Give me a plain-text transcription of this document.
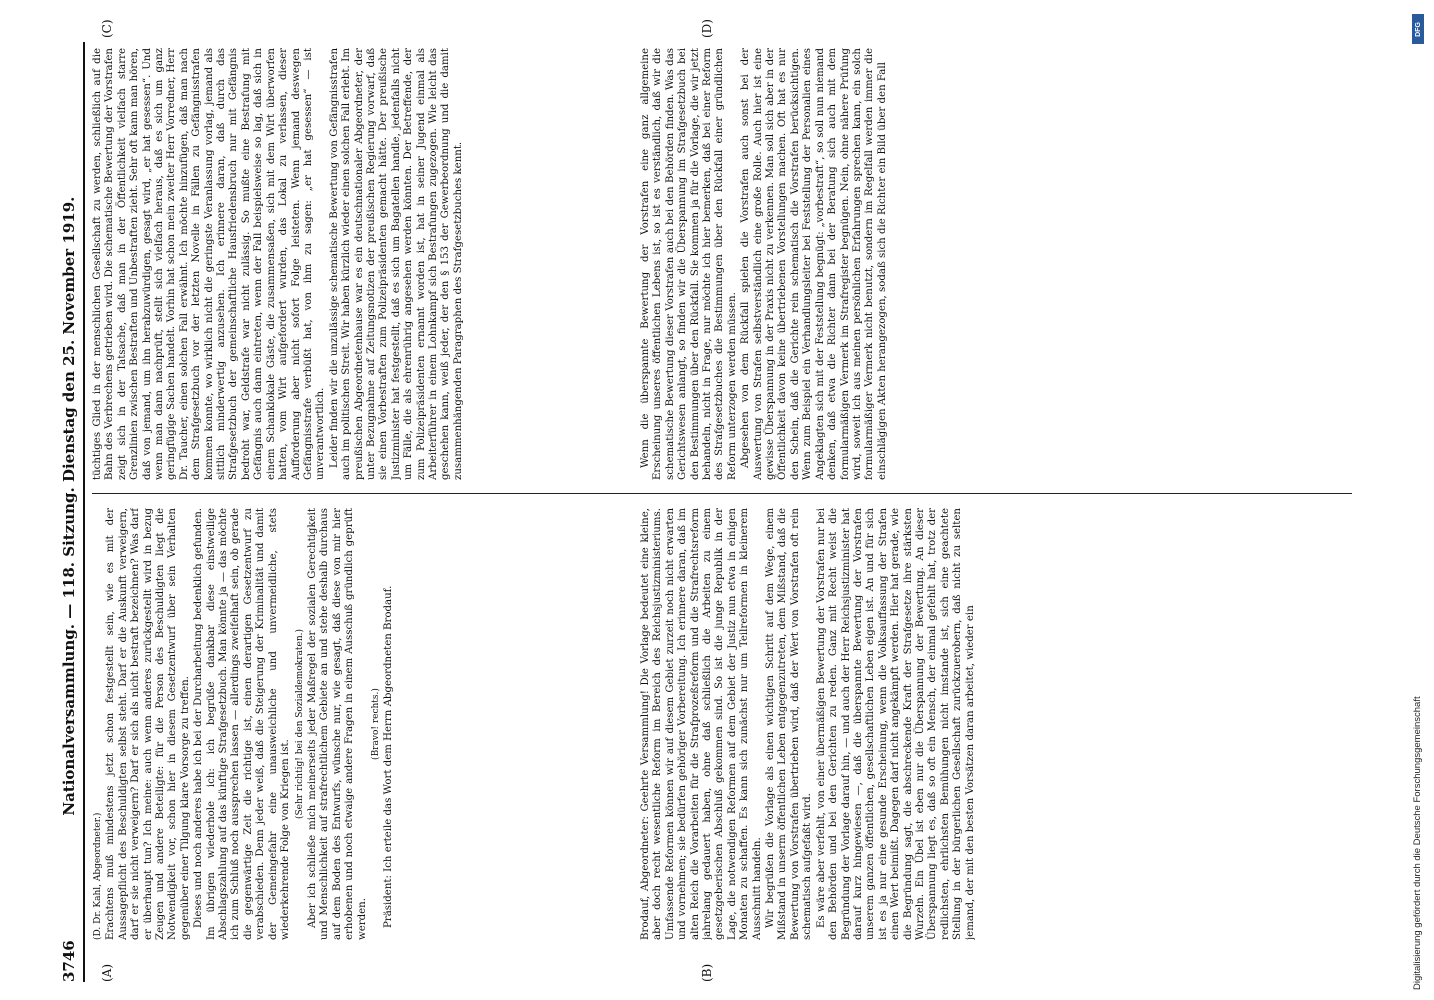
3746
Nationalversammlung. — 118. Sitzung. Dienstag den 25. November 1919.
(A)	(B)
(C)	(D)

(D. Dr. Kahl, Abgeordneter.) Erachtens muß mindestens jetzt schon festgestellt sein, wie es mit der Aussagepflicht des Beschuldigten selbst steht. Darf er die Auskunft verweigern, darf er sie nicht verweigern? Darf er sich als nicht bestraft bezeichnen? Was darf er überhaupt tun? Ich meine: auch wenn anderes zurückgestellt wird in bezug Zeugen und andere Beteiligte: für die Person des Beschuldigten liegt die Notwendigkeit vor, schon hier in diesem Gesetzentwurf über sein Verhalten gegenüber einer Tilgung klare Vorsorge zu treffen. Dieses und noch anderes habe ich bei der Durcharbeitung bedenklich gefunden. Im übrigen wiederhole ich: ich begrüße dankbar diese einstweilige Abschlagszahlung auf das künftige Strafgesetzbuch. Man könnte ja — das möchte ich zum Schluß noch aussprechen lassen — allerdings zweifelhaft sein, ob gerade die gegenwärtige Zeit die richtige ist, einen derartigen Gesetzentwurf zu verabschieden. Denn jeder weiß, daß die Steigerung der Kriminalität und damit der Gemeingefahr eine unausweichliche und unvermeidliche, stets wiederkehrende Folge von Kriegen ist.

(Sehr richtig! bei den Sozialdemokraten.) Aber ich schließe mich meinerseits jeder Maßregel der sozialen Gerechtigkeit und Menschlichkeit auf strafrechtlichem Gebiete an und stehe deshalb durchaus auf dem Boden des Entwurfs, wünsche nur, wie gesagt, daß diese von mir hier erhobenen und noch etwaige andere Fragen in einem Ausschuß gründlich geprüft werden.

(Bravo! rechts.) Präsident: Ich erteile das Wort dem Herrn Abgeordneten Brodauf.

tüchtiges Glied in der menschlichen Gesellschaft zu werden, schließlich auf die Bahn des Verbrechens getrieben wird. Die schematische Bewertung der Vorstrafen zeigt sich in der Tatsache, daß man in der Öffentlichkeit vielfach starre Grenzlinien zwischen Bestraften und Unbestraften zieht. Sehr oft kann man hören, daß von jemand, um ihn herabzuwürdigen, gesagt wird, „er hat gesessen“. Und wenn man dann nachprüft, stellt sich vielfach heraus, daß es sich um ganz geringfügige Sachen handelt. Vorhin hat schon mein zweiter Herr Vorredner, Herr Dr. Taucher, einen solchen Fall erwähnt. Ich möchte hinzufügen, daß man nach dem Strafgesetzbuch vor der letzten Novelle in Fällen zu Gefängnisstrafen kommen konnte, wo wirklich nicht die geringste Veranlassung vorlag, jemand als sittlich minderwertig anzusehen. Ich erinnere daran, daß durch das Strafgesetzbuch der gemeinschaftliche Hausfriedensbruch nur mit Gefängnis bedroht war, Geldstrafe war nicht zulässig. So mußte eine Bestrafung mit Gefängnis auch dann eintreten, wenn der Fall beispielsweise so lag, daß sich in einem Schanklokale Gäste, die zusammensaßen, sich mit dem Wirt überworfen hatten, vom Wirt aufgefordert wurden, das Lokal zu verlassen, dieser Aufforderung aber nicht sofort Folge leisteten. Wenn jemand deswegen Gefängnisstrafe verbüßt hat, von ihm zu sagen: „er hat gesessen“ — ist unverantwortlich. Leider finden wir die unzulässige schematische Bewertung von Gefängnisstrafen auch im politischen Streit. Wir haben kürzlich wieder einen solchen Fall erlebt. Im preußischen Abgeordnetenhause war es ein deutschnationaler Abgeordneter, der unter Bezugnahme auf Zeitungsnotizen der preußischen Regierung vorwarf, daß sie einen Vorbestraften zum Polizeipräsidenten gemacht hätte. Der preußische Justizminister hat festgestellt, daß es sich um Bagatellen handle, jedenfalls nicht um Fälle, die als ehrenrührig angesehen werden könnten. Der Betreffende, der zum Polizeipräsidenten ernannt worden ist, hat in seiner Jugend einmal als Arbeiterführer in einem Lohnkampf sich Bestrafungen zugezogen. Wie leicht das geschehen kann, weiß jeder, der den § 153 der Gewerbeordnung und die damit zusammenhängenden Paragraphen des Strafgesetzbuches kennt.

Brodauf, Abgeordneter: Geehrte Versammlung! Die Vorlage bedeutet eine kleine, aber doch recht wesentliche Reform im Bereich des Reichsjustizministeriums. Umfassende Reformen können wir auf diesem Gebiet zurzeit noch nicht erwarten und vornehmen; sie bedürfen gehöriger Vorbereitung. Ich erinnere daran, daß im alten Reich die Vorarbeiten für die Strafprozeßreform und die Strafrechtsreform jahrelang gedauert haben, ohne daß schließlich die Arbeiten zu einem gesetzgeberischen Abschluß gekommen sind. So ist die junge Republik in der Lage, die notwendigen Reformen auf dem Gebiet der Justiz nun etwa in einigen Monaten zu schaffen. Es kann sich zunächst nur um Teilreformen in kleinerem Ausschnitt handeln. Wir begrüßen die Vorlage als einen wichtigen Schritt auf dem Wege, einem Mißstand in unserm öffentlichen Leben entgegenzutreten, dem Mißstand, daß die Bewertung von Vorstrafen übertrieben wird, daß der Wert von Vorstrafen oft rein schematisch aufgefaßt wird. Es wäre aber verfehlt, von einer übermäßigen Bewertung der Vorstrafen nur bei den Behörden und bei den Gerichten zu reden. Ganz mit Recht weist die Begründung der Vorlage darauf hin, — und auch der Herr Reichsjustizminister hat darauf kurz hingewiesen —, daß die überspannte Bewertung der Vorstrafen unserem ganzen öffentlichen, gesellschaftlichen Leben eigen ist. An und für sich ist es ja nur eine gesunde Erscheinung, wenn die Volksauffassung der Strafen einen Wert beimißt. Dagegen darf nicht angekämpft werden. Hier hat gerade, wie die Begründung sagt, die abschreckende Kraft der Strafgesetze ihre stärksten Wurzeln. Ein Übel ist eben nur die Überspannung der Bewertung. An dieser Überspannung liegt es, daß so oft ein Mensch, der einmal gefehlt hat, trotz der redlichsten, ehrlichsten Bemühungen nicht imstande ist, sich eine geachtete Stellung in der bürgerlichen Gesellschaft zurückzuerobern, daß nicht zu selten jemand, der mit den besten Vorsätzen daran arbeitet, wieder ein

Wenn die überspannte Bewertung der Vorstrafen eine ganz allgemeine Erscheinung unseres öffentlichen Lebens ist, so ist es verständlich, daß wir die schematische Bewertung dieser Vorstrafen auch bei den Behörden finden. Was das Gerichtswesen anlangt, so finden wir die Überspannung im Strafgesetzbuch bei den Bestimmungen über den Rückfall. Sie kommen ja für die Vorlage, die wir jetzt behandeln, nicht in Frage, nur möchte ich hier bemerken, daß bei einer Reform des Strafgesetzbuches die Bestimmungen über den Rückfall einer gründlichen Reform unterzogen werden müssen. Abgesehen von dem Rückfall spielen die Vorstrafen auch sonst bei der Auswertung von Strafen selbstverständlich eine große Rolle. Auch hier ist eine gewisse Überspannung in der Praxis nicht zu verkennen. Man soll sich aber in der Öffentlichkeit davon keine übertriebenen Vorstellungen machen. Oft hat es nur den Schein, daß die Gerichte rein schematisch die Vorstrafen berücksichtigen. Wenn zum Beispiel ein Verhandlungsleiter bei Feststellung der Personalien eines Angeklagten sich mit der Feststellung begnügt: „vorbestraft“, so soll nun niemand denken, daß etwa die Richter dann bei der Beratung sich auch mit dem formularmäßigen Vermerk im Strafregister begnügen. Nein, ohne nähere Prüfung wird, soweit ich aus meinen persönlichen Erfahrungen sprechen kann, ein solch formularmäßiger Vermerk nicht benutzt, sondern im Regelfall werden immer die einschlägigen Akten herangezogen, sodaß sich die Richter ein Bild über den Fall

DFG
Digitalisierung gefördert durch die Deutsche Forschungsgemeinschaft
